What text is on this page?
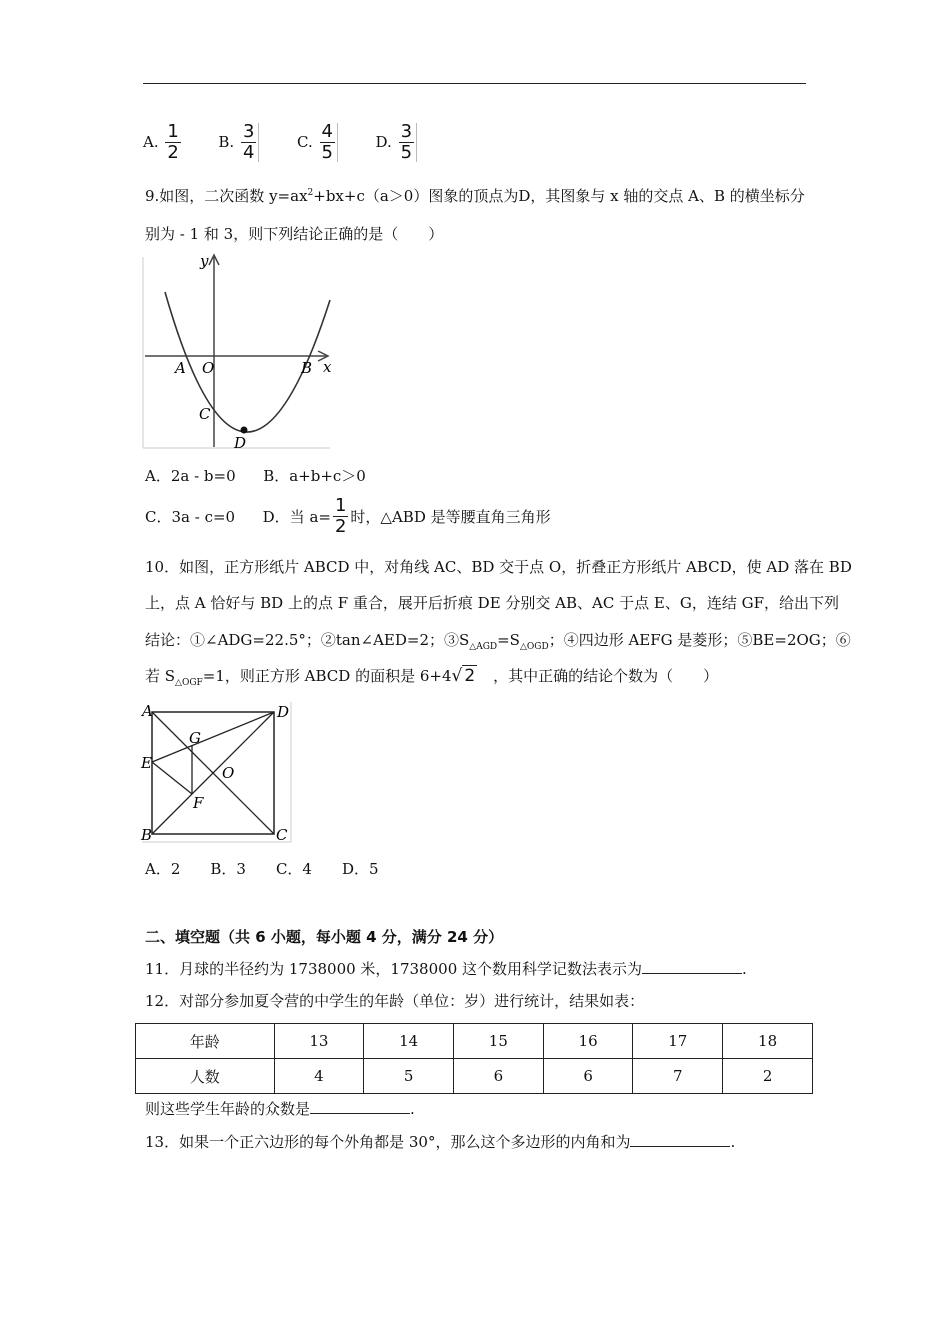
A. $\frac{1}{2}$	B. $\frac{3}{4}$	C. $\frac{4}{5}$	D. $\frac{3}{5}$
9.如图，二次函数 $y=ax^2+bx+c(a>0)$图象的顶点为D，其图象与 x 轴的交点 A、B 的横坐标分
别为 - 1 和 3，则下列结论正确的是（　　）
y
x
A O	B
C
D
A．2a - b=0 B．a+b+c＞0
C．3a - c=0 D．当 $a= \frac{1}{2}$ 时，△ABD 是等腰直角三角形
10．如图，正方形纸片 ABCD 中，对角线 AC、BD 交于点 O，折叠正方形纸片 ABCD，使 AD 落在 BD
上，点 A 恰好与 BD 上的点 F 重合，展开后折痕 DE 分别交 AB、AC 于点 E、G，连结 GF，给出下列
结论：①∠ADG=22.5°；②tan∠AED=2；$③S_{\triangle AGD}=S_{\triangle OGD}$；④四边形 AEFG 是菱形；⑤BE=2OG；⑥
若 $S_{\triangle OGF}=1$，则正方形 ABCD 的面积是 6+4√ 2 ，其中正确的结论个数为（　　）
A	D
G
E
O
F
B	C
A．2　　B．3　　C．4　　D．5
二、填空题（共 6 小题，每小题 4 分，满分 24 分）
11．月球的半径约为 1738000 米，1738000 这个数用科学记数法表示为	.
12．对部分参加夏令营的中学生的年龄（单位：岁）进行统计，结果如表：
年龄	13	14	15	16	17	18
人数	4	5	6	6	7	2
则这些学生年龄的众数是	.
13．如果一个正六边形的每个外角都是 30°，那么这个多边形的内角和为	.
